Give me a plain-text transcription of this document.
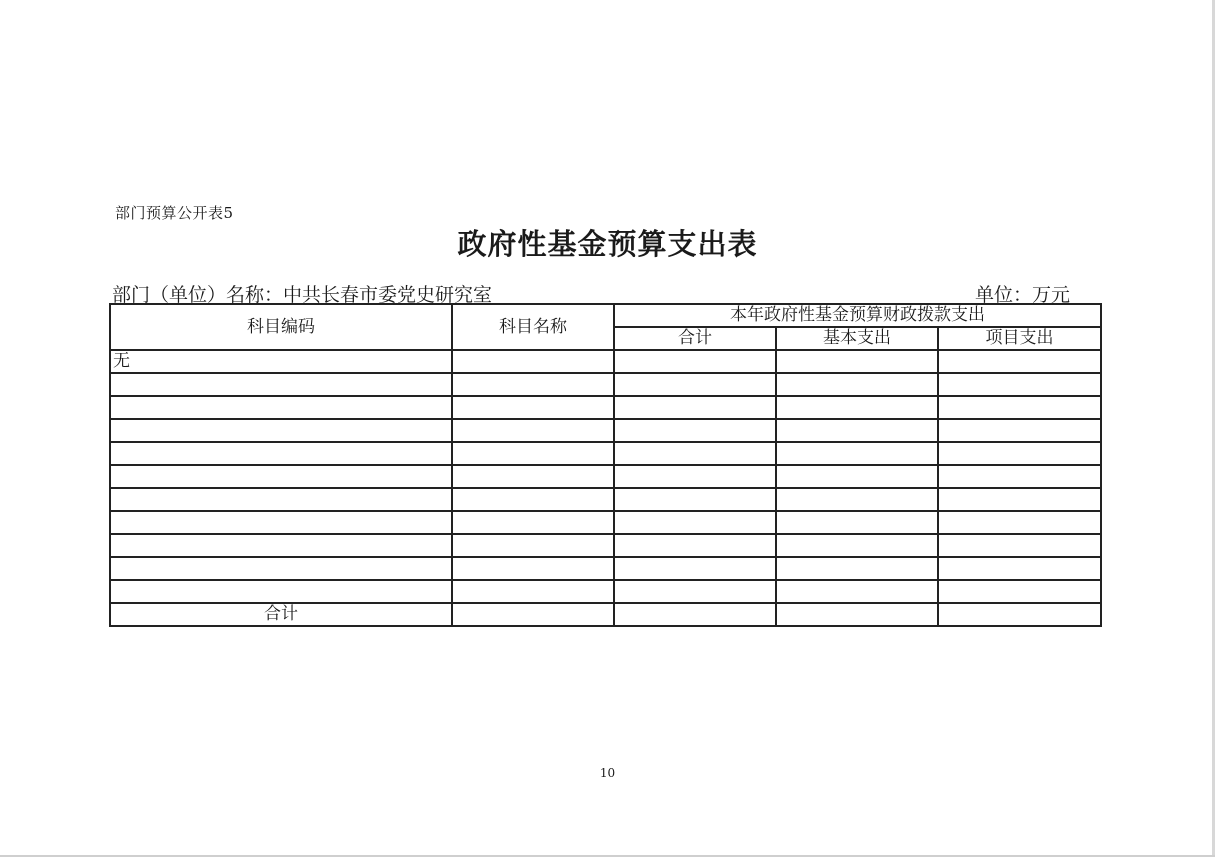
部门预算公开表5
政府性基金预算支出表
部门（单位）名称：中共长春市委党史研究室	单位：万元
科目编码	科目名称	本年政府性基金预算财政拨款支出		
		合计	基本支出	项目支出
无				

合计				
10
